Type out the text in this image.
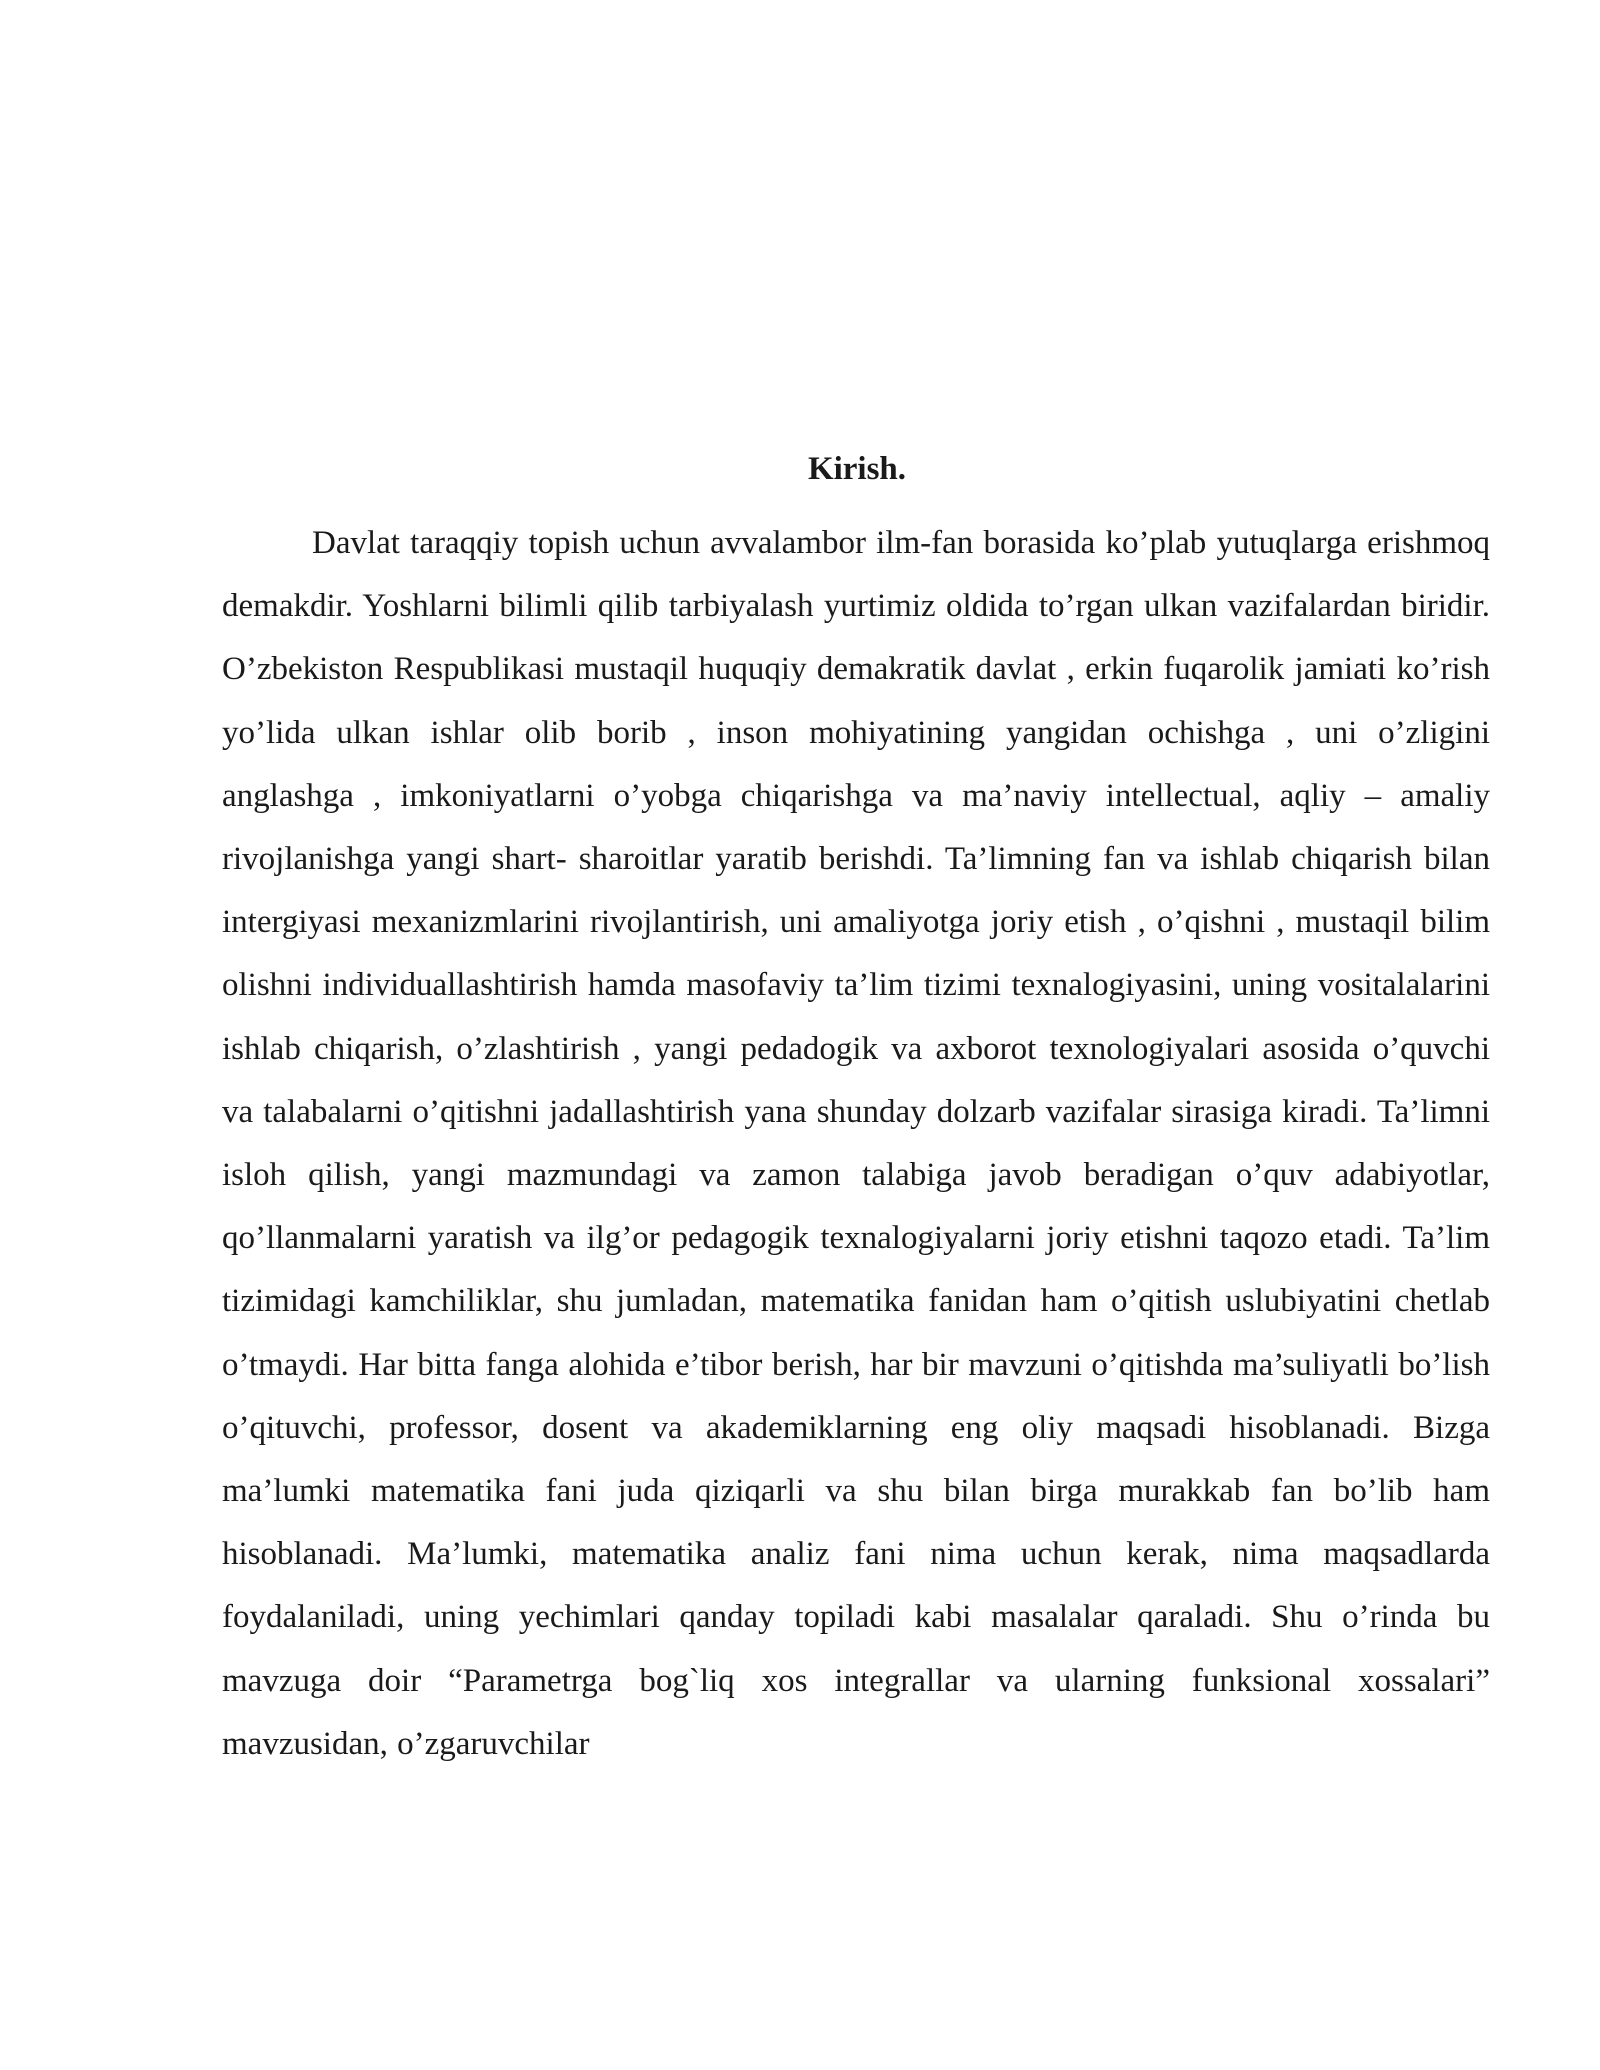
Kirish.

Davlat taraqqiy topish uchun avvalambor ilm-fan borasida ko’plab yutuqlarga erishmoq demakdir. Yoshlarni bilimli qilib tarbiyalash yurtimiz oldida to’rgan ulkan vazifalardan biridir. O’zbekiston Respublikasi mustaqil huquqiy demakratik davlat , erkin fuqarolik jamiati ko’rish yo’lida ulkan ishlar olib borib , inson mohiyatining yangidan ochishga , uni o’zligini anglashga , imkoniyatlarni o’yobga chiqarishga va ma’naviy intellectual, aqliy – amaliy rivojlanishga yangi shart- sharoitlar yaratib berishdi. Ta’limning fan va ishlab chiqarish bilan intergiyasi mexanizmlarini rivojlantirish, uni amaliyotga joriy etish , o’qishni , mustaqil bilim olishni individuallashtirish hamda masofaviy ta’lim tizimi texnalogiyasini, uning vositalalarini ishlab chiqarish, o’zlashtirish , yangi pedadogik va axborot texnologiyalari asosida o’quvchi va talabalarni o’qitishni jadallashtirish yana shunday dolzarb vazifalar sirasiga kiradi. Ta’limni isloh qilish, yangi mazmundagi va zamon talabiga javob beradigan o’quv adabiyotlar, qo’llanmalarni yaratish va ilg’or pedagogik texnalogiyalarni joriy etishni taqozo etadi. Ta’lim tizimidagi kamchiliklar, shu jumladan, matematika fanidan ham o’qitish uslubiyatini chetlab o’tmaydi. Har bitta fanga alohida e’tibor berish, har bir mavzuni o’qitishda ma’suliyatli bo’lish o’qituvchi, professor, dosent va akademiklarning eng oliy maqsadi hisoblanadi. Bizga ma’lumki matematika fani juda qiziqarli va shu bilan birga murakkab fan bo’lib ham hisoblanadi. Ma’lumki, matematika analiz fani nima uchun kerak, nima maqsadlarda foydalaniladi, uning yechimlari qanday topiladi kabi masalalar qaraladi. Shu o’rinda bu mavzuga doir “Parametrga bog`liq xos integrallar va ularning funksional xossalari” mavzusidan, o’zgaruvchilar
